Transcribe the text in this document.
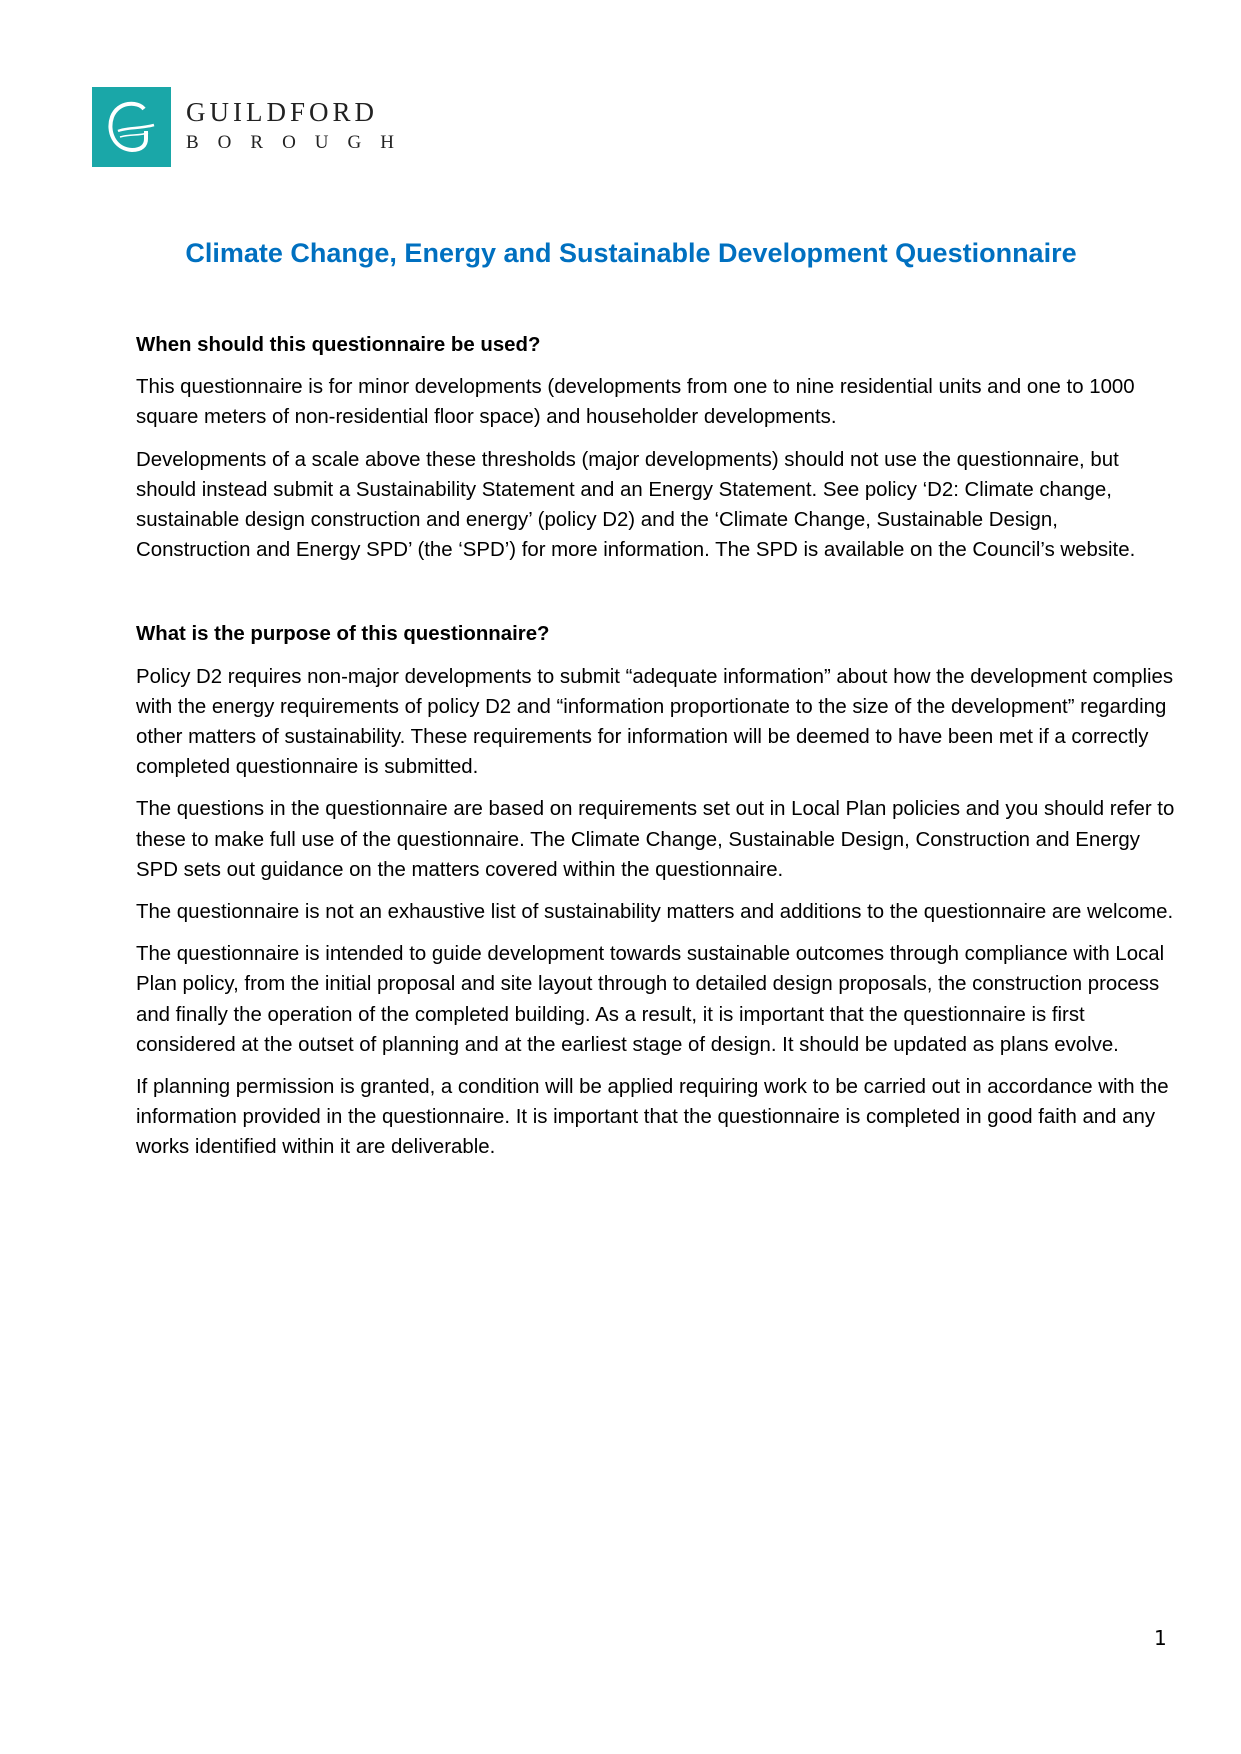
GUILDFORD
BOROUGH
Climate Change, Energy and Sustainable Development Questionnaire
When should this questionnaire be used?

This questionnaire is for minor developments (developments from one to nine residential units and one to 1000 square meters of non-residential floor space) and householder developments.

Developments of a scale above these thresholds (major developments) should not use the questionnaire, but should instead submit a Sustainability Statement and an Energy Statement. See policy ‘D2: Climate change, sustainable design construction and energy’ (policy D2) and the ‘Climate Change, Sustainable Design, Construction and Energy SPD’ (the ‘SPD’) for more information. The SPD is available on the Council’s website.

What is the purpose of this questionnaire?

Policy D2 requires non-major developments to submit “adequate information” about how the development complies with the energy requirements of policy D2 and “information proportionate to the size of the development” regarding other matters of sustainability. These requirements for information will be deemed to have been met if a correctly completed questionnaire is submitted.

The questions in the questionnaire are based on requirements set out in Local Plan policies and you should refer to these to make full use of the questionnaire. The Climate Change, Sustainable Design, Construction and Energy SPD sets out guidance on the matters covered within the questionnaire.

The questionnaire is not an exhaustive list of sustainability matters and additions to the questionnaire are welcome.

The questionnaire is intended to guide development towards sustainable outcomes through compliance with Local Plan policy, from the initial proposal and site layout through to detailed design proposals, the construction process and finally the operation of the completed building. As a result, it is important that the questionnaire is first considered at the outset of planning and at the earliest stage of design. It should be updated as plans evolve.

If planning permission is granted, a condition will be applied requiring work to be carried out in accordance with the information provided in the questionnaire. It is important that the questionnaire is completed in good faith and any works identified within it are deliverable.

1
